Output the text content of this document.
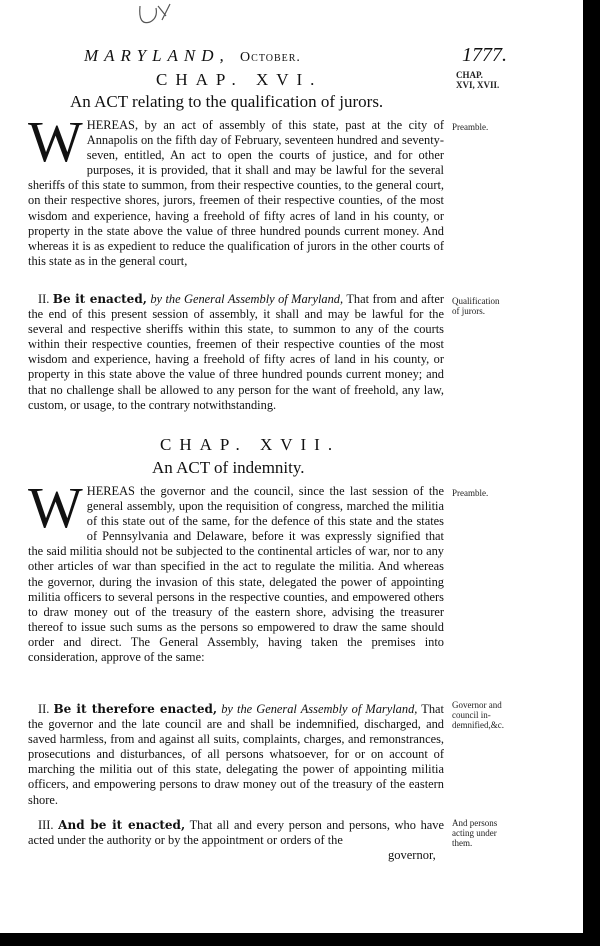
MARYLAND, October.	1777.
CHAP.
XVI, XVII.
CHAP. XVI.
An ACT relating to the qualification of jurors.
Preamble.
WHEREAS, by an act of assembly of this state, past at the city of Annapolis on the fifth day of February, seventeen hundred and seventy-seven, entitled, An act to open the courts of justice, and for other purposes, it is provided, that it shall and may be lawful for the several sheriffs of this state to summon, from their respective counties, to the general court, on their respective shores, jurors, freemen of their respective counties, of the most wisdom and experience, having a freehold of fifty acres of land in his county, or property in the state above the value of three hundred pounds current money. And whereas it is as expedient to reduce the qualification of jurors in the other courts of this state as in the general court,
Qualification
of jurors.
II. Be it enacted, by the General Assembly of Maryland, That from and after the end of this present session of assembly, it shall and may be lawful for the several and respective sheriffs within this state, to summon to any of the courts within their respective counties, freemen of their respective counties of the most wisdom and experience, having a freehold of fifty acres of land in his county, or property in this state above the value of three hundred pounds current money; and that no challenge shall be allowed to any person for the want of freehold, any law, custom, or usage, to the contrary notwithstanding.
CHAP. XVII.
An ACT of indemnity.
Preamble.
WHEREAS the governor and the council, since the last session of the general assembly, upon the requisition of congress, marched the militia of this state out of the same, for the defence of this state and the states of Pennsylvania and Delaware, before it was expressly signified that the said militia should not be subjected to the continental articles of war, nor to any other articles of war than specified in the act to regulate the militia. And whereas the governor, during the invasion of this state, delegated the power of appointing militia officers to several persons in the respective counties, and empowered others to draw money out of the treasury of the eastern shore, advising the treasurer thereof to issue such sums as the persons so empowered to draw the same should order and direct. The General Assembly, having taken the premises into consideration, approve of the same:
Governor and
council in-
demnified,&c.
II. Be it therefore enacted, by the General Assembly of Maryland, That the governor and the late council are and shall be indemnified, discharged, and saved harmless, from and against all suits, complaints, charges, and remonstrances, prosecutions and disturbances, of all persons whatsoever, for or on account of marching the militia out of this state, delegating the power of appointing militia officers, and empowering persons to draw money out of the treasury of the eastern shore.
And persons
acting under
them.
III. And be it enacted, That all and every person and persons, who have acted under the authority or by the appointment or orders of the
governor,
